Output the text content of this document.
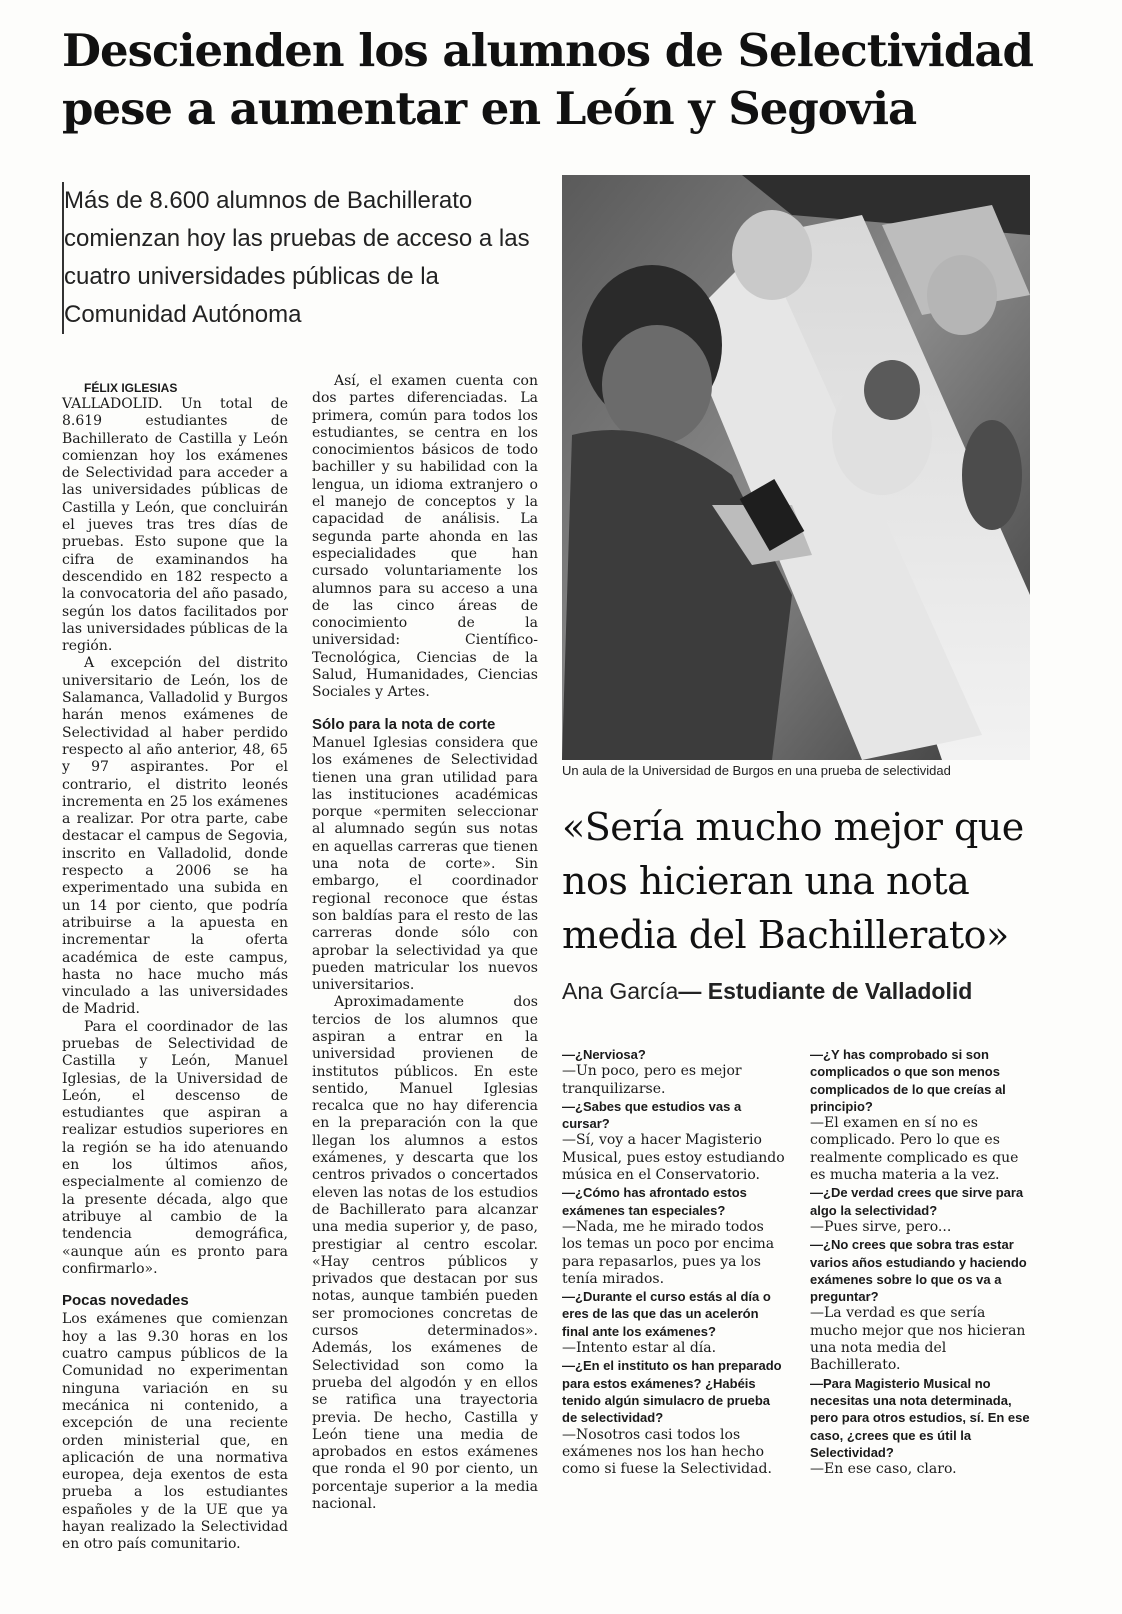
Descienden los alumnos de Selectividad pese a aumentar en León y Segovia

Más de 8.600 alumnos de Bachillerato

comienzan hoy las pruebas de acceso a las

cuatro universidades públicas de la

Comunidad Autónoma

FÉLIX IGLESIAS

VALLADOLID. Un total de 8.619 estudiantes de Bachillerato de Castilla y León comienzan hoy los exámenes de Selectividad para acceder a las universidades públicas de Castilla y León, que concluirán el jueves tras tres días de pruebas. Esto supone que la cifra de examinandos ha descendido en 182 respecto a la convocatoria del año pasado, según los datos facilitados por las universidades públicas de la región.

A excepción del distrito universitario de León, los de Salamanca, Valladolid y Burgos harán menos exámenes de Selectividad al haber perdido respecto al año anterior, 48, 65 y 97 aspirantes. Por el contrario, el distrito leonés incrementa en 25 los exámenes a realizar. Por otra parte, cabe destacar el campus de Segovia, inscrito en Valladolid, donde respecto a 2006 se ha experimentado una subida en un 14 por ciento, que podría atribuirse a la apuesta en incrementar la oferta académica de este campus, hasta no hace mucho más vinculado a las universidades de Madrid.

Para el coordinador de las pruebas de Selectividad de Castilla y León, Manuel Iglesias, de la Universidad de León, el descenso de estudiantes que aspiran a realizar estudios superiores en la región se ha ido atenuando en los últimos años, especialmente al comienzo de la presente década, algo que atribuye al cambio de la tendencia demográfica, «aunque aún es pronto para confirmarlo».

Pocas novedades

Los exámenes que comienzan hoy a las 9.30 horas en los cuatro campus públicos de la Comunidad no experimentan ninguna variación en su mecánica ni contenido, a excepción de una reciente orden ministerial que, en aplicación de una normativa europea, deja exentos de esta prueba a los estudiantes españoles y de la UE que ya hayan realizado la Selectividad en otro país comunitario.

Así, el examen cuenta con dos partes diferenciadas. La primera, común para todos los estudiantes, se centra en los conocimientos básicos de todo bachiller y su habilidad con la lengua, un idioma extranjero o el manejo de conceptos y la capacidad de análisis. La segunda parte ahonda en las especialidades que han cursado voluntariamente los alumnos para su acceso a una de las cinco áreas de conocimiento de la universidad: Científico-Tecnológica, Ciencias de la Salud, Humanidades, Ciencias Sociales y Artes.

Sólo para la nota de corte

Manuel Iglesias considera que los exámenes de Selectividad tienen una gran utilidad para las instituciones académicas porque «permiten seleccionar al alumnado según sus notas en aquellas carreras que tienen una nota de corte». Sin embargo, el coordinador regional reconoce que éstas son baldías para el resto de las carreras donde sólo con aprobar la selectividad ya que pueden matricular los nuevos universitarios.

Aproximadamente dos tercios de los alumnos que aspiran a entrar en la universidad provienen de institutos públicos. En este sentido, Manuel Iglesias recalca que no hay diferencia en la preparación con la que llegan los alumnos a estos exámenes, y descarta que los centros privados o concertados eleven las notas de los estudios de Bachillerato para alcanzar una media superior y, de paso, prestigiar al centro escolar. «Hay centros públicos y privados que destacan por sus notas, aunque también pueden ser promociones concretas de cursos determinados». Además, los exámenes de Selectividad son como la prueba del algodón y en ellos se ratifica una trayectoria previa. De hecho, Castilla y León tiene una media de aprobados en estos exámenes que ronda el 90 por ciento, un porcentaje superior a la media nacional.

Un aula de la Universidad de Burgos en una prueba de selectividad

«Sería mucho mejor que nos hicieran una nota media del Bachillerato»

Ana García— Estudiante de Valladolid

—¿Nerviosa?

—Un poco, pero es mejor tranquilizarse.

—¿Sabes que estudios vas a cursar?

—Sí, voy a hacer Magisterio Musical, pues estoy estudiando música en el Conservatorio.

—¿Cómo has afrontado estos exámenes tan especiales?

—Nada, me he mirado todos los temas un poco por encima para repasarlos, pues ya los tenía mirados.

—¿Durante el curso estás al día o eres de las que das un acelerón final ante los exámenes?

—Intento estar al día.

—¿En el instituto os han preparado para estos exámenes? ¿Habéis tenido algún simulacro de prueba de selectividad?

—Nosotros casi todos los exámenes nos los han hecho como si fuese la Selectividad.

—¿Y has comprobado si son complicados o que son menos complicados de lo que creías al principio?

—El examen en sí no es complicado. Pero lo que es realmente complicado es que es mucha materia a la vez.

—¿De verdad crees que sirve para algo la selectividad?

—Pues sirve, pero...

—¿No crees que sobra tras estar varios años estudiando y haciendo exámenes sobre lo que os va a preguntar?

—La verdad es que sería mucho mejor que nos hicieran una nota media del Bachillerato.

—Para Magisterio Musical no necesitas una nota determinada, pero para otros estudios, sí. En ese caso, ¿crees que es útil la Selectividad?

—En ese caso, claro.
